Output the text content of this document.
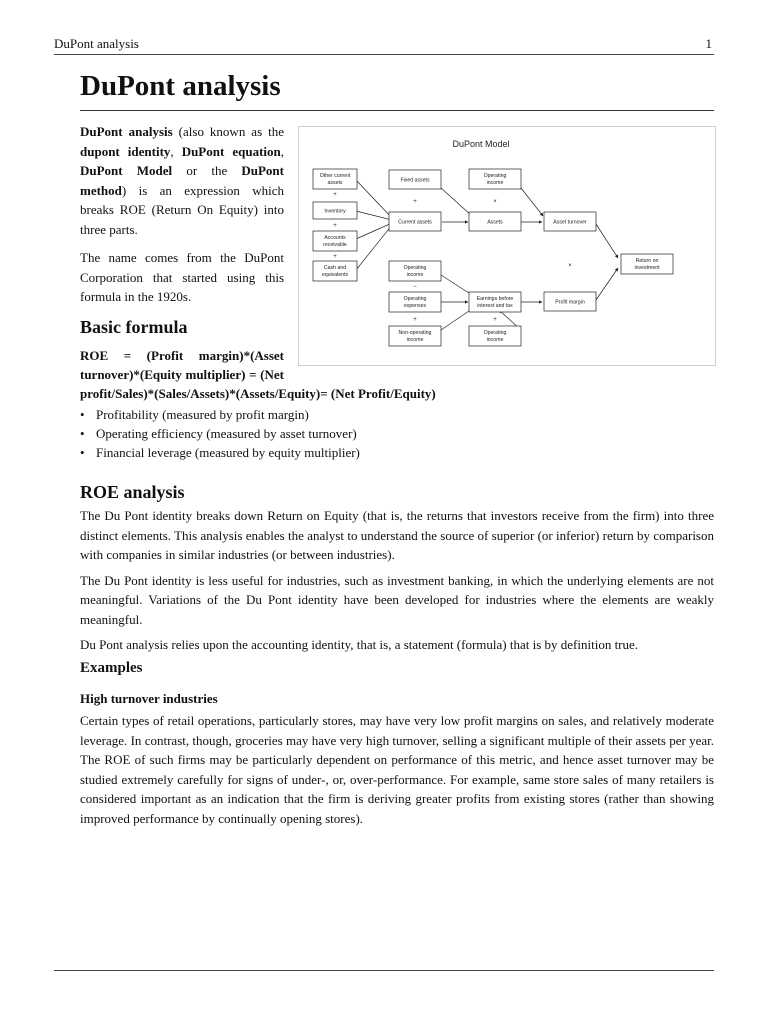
DuPont analysis	1
DuPont analysis

DuPont analysis (also known as the dupont identity, DuPont equation, DuPont Model or the DuPont method) is an expression which breaks ROE (Return On Equity) into three parts.

The name comes from the DuPont Corporation that started using this formula in the 1920s.

DuPont Model
Other current assets
Inventory
Accounts receivable
Cash and equivalents
Fixed assets
Current assets
Operating income
Assets	Asset turnover
Return on investment
Operating income
Operating expenses
Earnings before interest and tax
Profit margin
Non-operating income
Operating income
+
+
+
+	×
×
−
+	+
Basic formula
ROE = (Profit margin)*(Asset
turnover)*(Equity multiplier) = (Net
profit/Sales)*(Sales/Assets)*(Assets/Equity)= (Net Profit/Equity)
• Profitability (measured by profit margin)
• Operating efficiency (measured by asset turnover)
• Financial leverage (measured by equity multiplier)
ROE analysis

The Du Pont identity breaks down Return on Equity (that is, the returns that investors receive from the firm) into three distinct elements. This analysis enables the analyst to understand the source of superior (or inferior) return by comparison with companies in similar industries (or between industries).

The Du Pont identity is less useful for industries, such as investment banking, in which the underlying elements are not meaningful. Variations of the Du Pont identity have been developed for industries where the elements are weakly meaningful.

Du Pont analysis relies upon the accounting identity, that is, a statement (formula) that is by definition true.

Examples
High turnover industries

Certain types of retail operations, particularly stores, may have very low profit margins on sales, and relatively moderate leverage. In contrast, though, groceries may have very high turnover, selling a significant multiple of their assets per year. The ROE of such firms may be particularly dependent on performance of this metric, and hence asset turnover may be studied extremely carefully for signs of under-, or, over-performance. For example, same store sales of many retailers is considered important as an indication that the firm is deriving greater profits from existing stores (rather than showing improved performance by continually opening stores).
